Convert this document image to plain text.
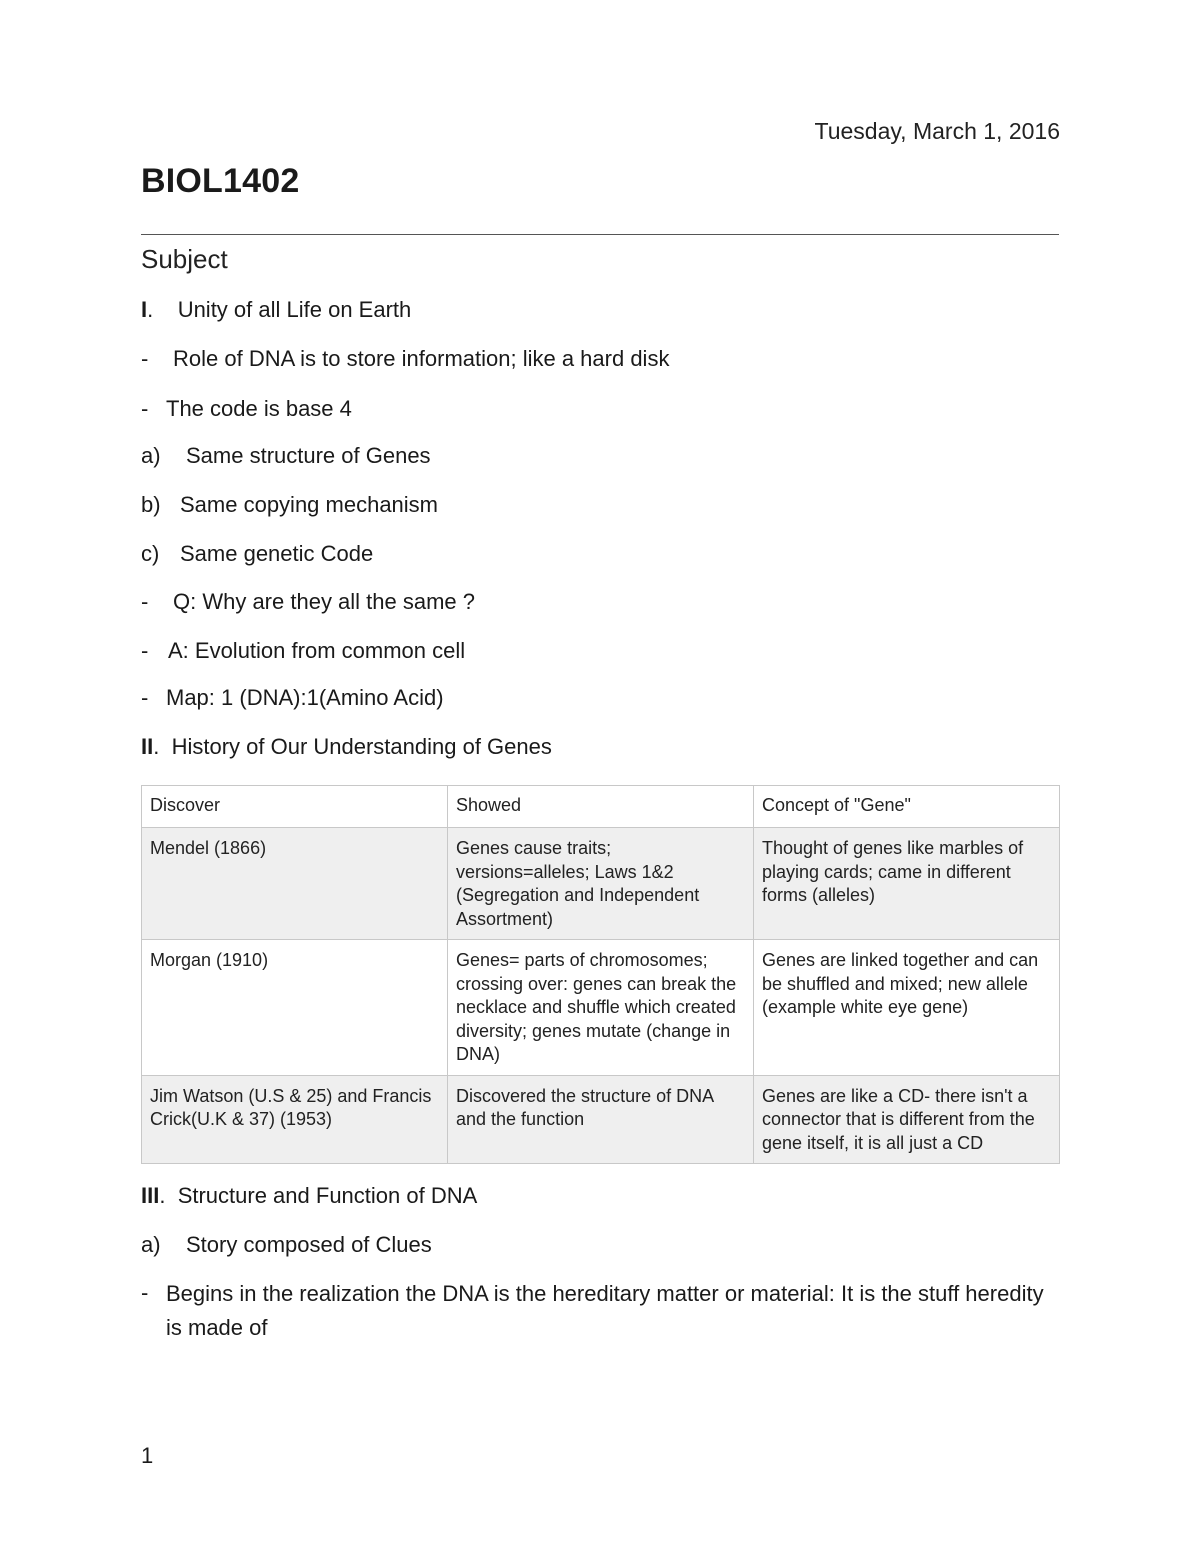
Tuesday, March 1, 2016
BIOL1402
Subject
I.    Unity of all Life on Earth
- Role of DNA is to store information; like a hard disk
- The code is base 4
a) Same structure of Genes
b) Same copying mechanism
c) Same genetic Code
- Q: Why are they all the same ?
- A: Evolution from common cell
- Map: 1 (DNA):1(Amino Acid)
II.  History of Our Understanding of Genes
Discover	Showed	Concept of "Gene"
Mendel (1866)	Genes cause traits; versions=alleles; Laws 1&2 (Segregation and Independent Assortment)	Thought of genes like marbles of playing cards; came in different forms (alleles)
Morgan (1910)	Genes= parts of chromosomes; crossing over: genes can break the necklace and shuffle which created diversity; genes mutate (change in DNA)	Genes are linked together and can be shuffled and mixed; new allele (example white eye gene)
Jim Watson (U.S & 25) and Francis Crick(U.K & 37) (1953)	Discovered the structure of DNA and the function	Genes are like a CD- there isn't a connector that is different from the gene itself, it is all just a CD
III.  Structure and Function of DNA
a) Story composed of Clues
- Begins in the realization the DNA is the hereditary matter or material: It is the stuff heredity is made of
1
